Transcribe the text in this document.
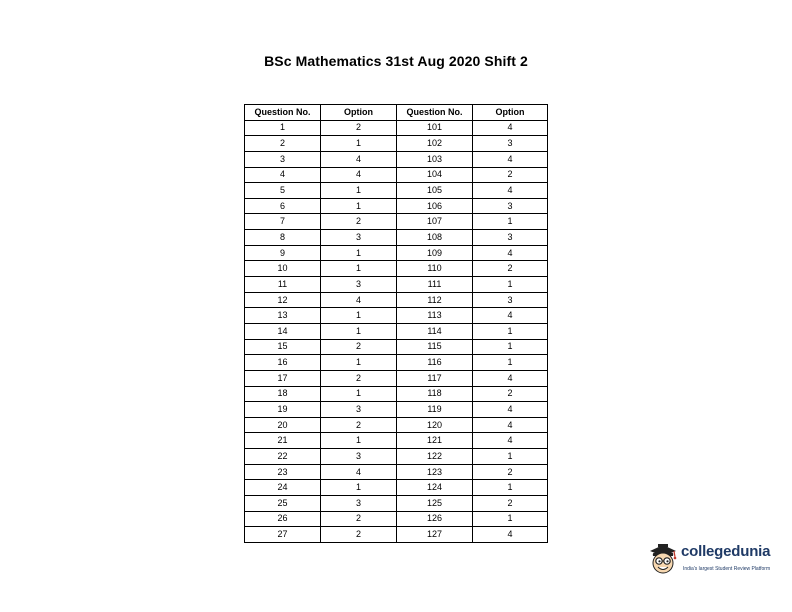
BSc Mathematics 31st Aug 2020 Shift 2
Question No.	Option	Question No.	Option
1	2	101	4
2	1	102	3
3	4	103	4
4	4	104	2
5	1	105	4
6	1	106	3
7	2	107	1
8	3	108	3
9	1	109	4
10	1	110	2
11	3	111	1
12	4	112	3
13	1	113	4
14	1	114	1
15	2	115	1
16	1	116	1
17	2	117	4
18	1	118	2
19	3	119	4
20	2	120	4
21	1	121	4
22	3	122	1
23	4	123	2
24	1	124	1
25	3	125	2
26	2	126	1
27	2	127	4
collegedunia
India's largest Student Review Platform
